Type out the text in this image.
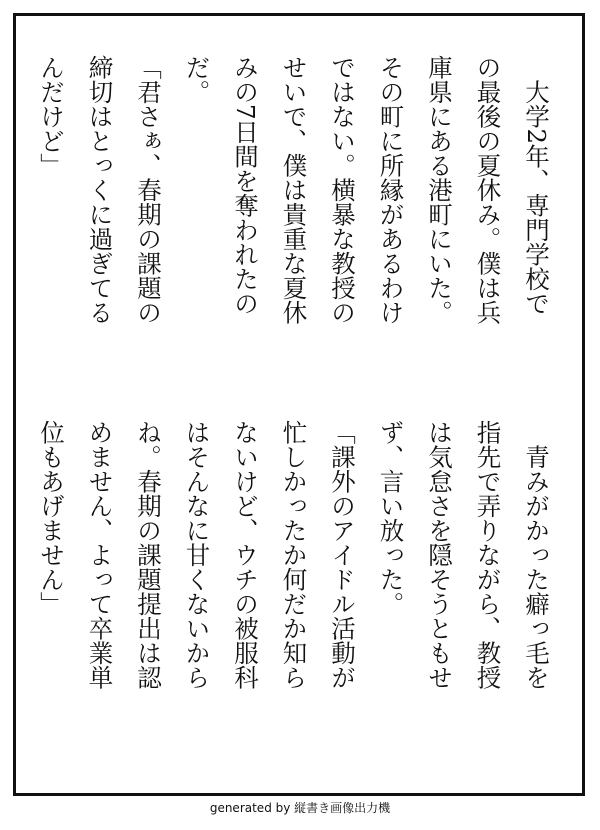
　大学2年、専門学校で
の最後の夏休み。僕は兵
庫県にある港町にいた。
その町に所縁があるわけ
ではない。横暴な教授の
せいで、僕は貴重な夏休
みの7日間を奪われたの
だ。
「君さぁ、春期の課題の
締切はとっくに過ぎてる
んだけど」
　青みがかった癖っ毛を
指先で弄りながら、教授
は気怠さを隠そうともせ
ず、言い放った。
「課外のアイドル活動が
忙しかったか何だか知ら
ないけど、ウチの被服科
はそんなに甘くないから
ね。春期の課題提出は認
めません、よって卒業単
位もあげません」
generated by 縦書き画像出力機
